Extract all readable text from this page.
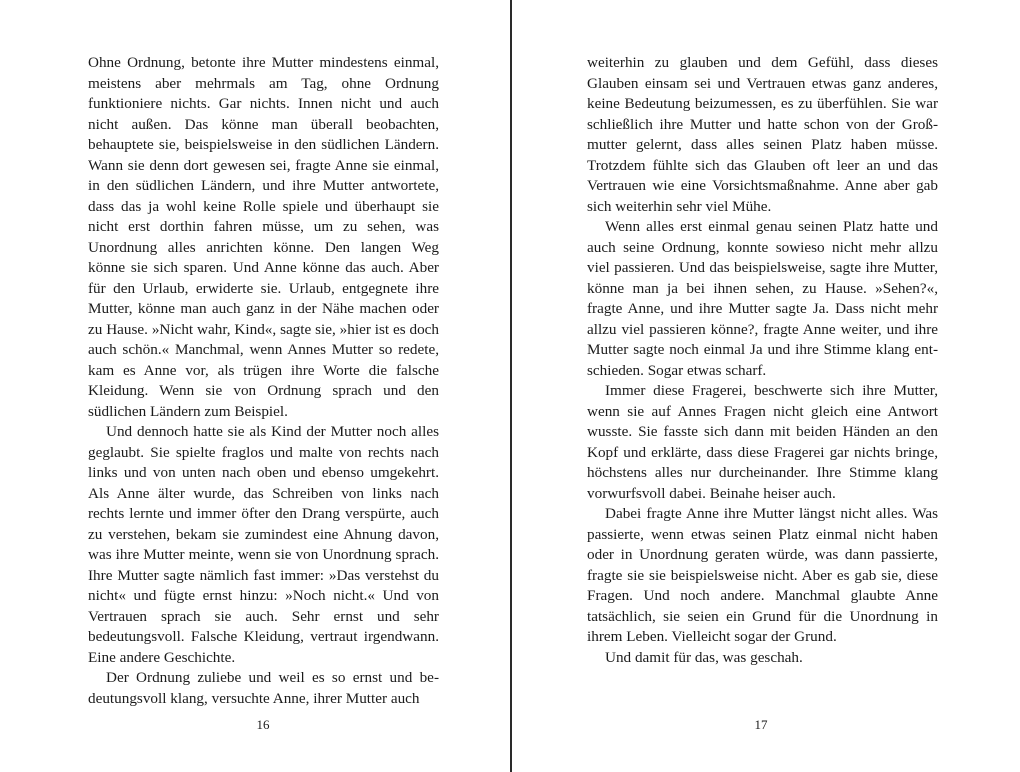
Ohne Ordnung, betonte ihre Mutter mindestens einmal, meistens aber mehrmals am Tag, ohne Ordnung funktioniere nichts. Gar nichts. Innen nicht und auch nicht außen. Das könne man überall beobachten, behauptete sie, beispielsweise in den südlichen Ländern. Wann sie denn dort gewesen sei, fragte Anne sie einmal, in den südlichen Ländern, und ihre Mutter antwortete, dass das ja wohl keine Rolle spiele und überhaupt sie nicht erst dorthin fahren müsse, um zu sehen, was Unordnung alles anrichten könne. Den langen Weg könne sie sich sparen. Und Anne könne das auch. Aber für den Urlaub, erwiderte sie. Urlaub, entgegnete ihre Mutter, könne man auch ganz in der Nähe machen oder zu Hause. »Nicht wahr, Kind«, sagte sie, »hier ist es doch auch schön.« Manchmal, wenn Annes Mutter so redete, kam es Anne vor, als trügen ihre Worte die falsche Kleidung. Wenn sie von Ordnung sprach und den südlichen Ländern zum Beispiel.

Und dennoch hatte sie als Kind der Mutter noch alles geglaubt. Sie spielte fraglos und malte von rechts nach links und von unten nach oben und ebenso umgekehrt. Als Anne älter wurde, das Schreiben von links nach rechts lernte und immer öfter den Drang verspürte, auch zu verstehen, bekam sie zumindest eine Ahnung davon, was ihre Mutter meinte, wenn sie von Unordnung sprach. Ihre Mutter sagte nämlich fast immer: »Das verstehst du nicht« und fügte ernst hinzu: »Noch nicht.« Und von Vertrauen sprach sie auch. Sehr ernst und sehr bedeutungsvoll. Falsche Kleidung, vertraut irgendwann. Eine andere Geschichte.

Der Ordnung zuliebe und weil es so ernst und bedeutungsvoll klang, versuchte Anne, ihrer Mutter auch

weiterhin zu glauben und dem Gefühl, dass dieses Glauben einsam sei und Vertrauen etwas ganz anderes, keine Bedeutung beizumessen, es zu überfühlen. Sie war schließlich ihre Mutter und hatte schon von der Großmutter gelernt, dass alles seinen Platz haben müsse. Trotzdem fühlte sich das Glauben oft leer an und das Vertrauen wie eine Vorsichtsmaßnahme. Anne aber gab sich weiterhin sehr viel Mühe.

Wenn alles erst einmal genau seinen Platz hatte und auch seine Ordnung, konnte sowieso nicht mehr allzu viel passieren. Und das beispielsweise, sagte ihre Mutter, könne man ja bei ihnen sehen, zu Hause. »Sehen?«, fragte Anne, und ihre Mutter sagte Ja. Dass nicht mehr allzu viel passieren könne?, fragte Anne weiter, und ihre Mutter sagte noch einmal Ja und ihre Stimme klang entschieden. Sogar etwas scharf.

Immer diese Fragerei, beschwerte sich ihre Mutter, wenn sie auf Annes Fragen nicht gleich eine Antwort wusste. Sie fasste sich dann mit beiden Händen an den Kopf und erklärte, dass diese Fragerei gar nichts bringe, höchstens alles nur durcheinander. Ihre Stimme klang vorwurfsvoll dabei. Beinahe heiser auch.

Dabei fragte Anne ihre Mutter längst nicht alles. Was passierte, wenn etwas seinen Platz einmal nicht haben oder in Unordnung geraten würde, was dann passierte, fragte sie sie beispielsweise nicht. Aber es gab sie, diese Fragen. Und noch andere. Manchmal glaubte Anne tatsächlich, sie seien ein Grund für die Unordnung in ihrem Leben. Vielleicht sogar der Grund.

Und damit für das, was geschah.

16	17
